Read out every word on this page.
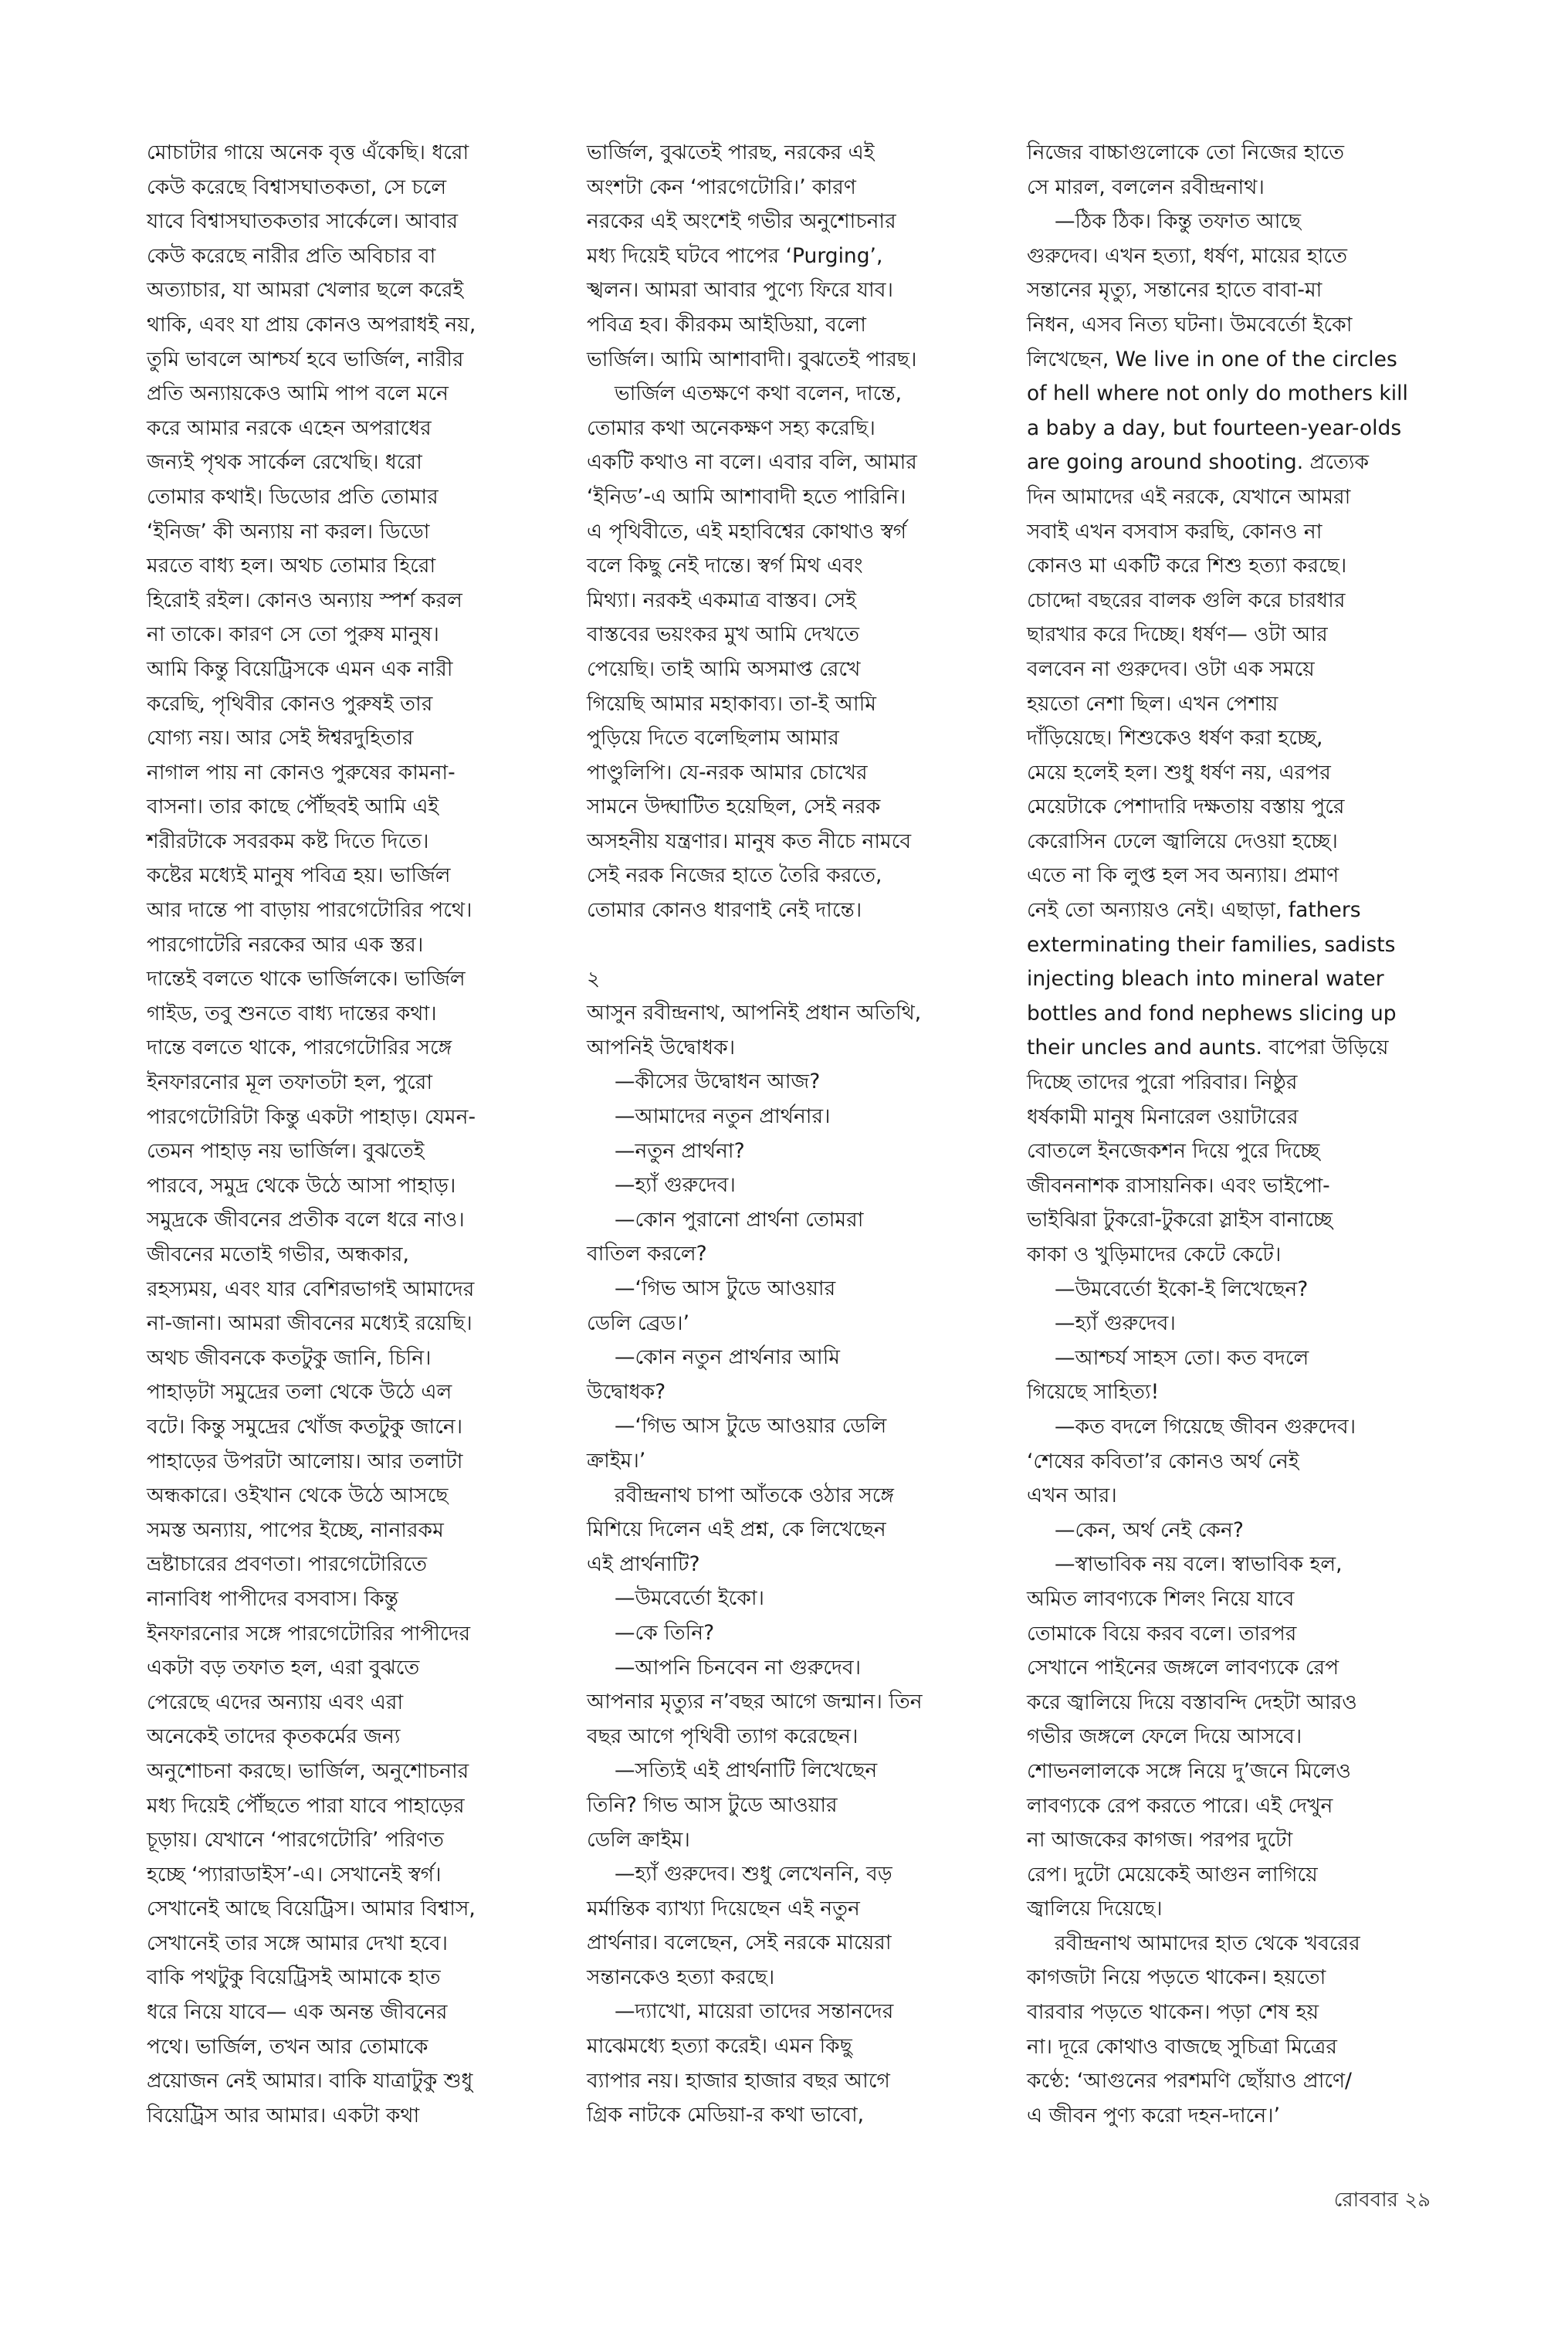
মোচাটার গায়ে অনেক বৃত্ত এঁকেছি। ধরো

কেউ করেছে বিশ্বাসঘাতকতা, সে চলে

যাবে বিশ্বাসঘাতকতার সার্কেলে। আবার

কেউ করেছে নারীর প্রতি অবিচার বা

অত্যাচার, যা আমরা খেলার ছলে করেই

থাকি, এবং যা প্রায় কোনও অপরাধই নয়,

তুমি ভাবলে আশ্চর্য হবে ভার্জিল, নারীর

প্রতি অন্যায়কেও আমি পাপ বলে মনে

করে আমার নরকে এহেন অপরাধের

জন্যই পৃথক সার্কেল রেখেছি। ধরো

তোমার কথাই। ডিডোর প্রতি তোমার

‘ইনিজ’ কী অন্যায় না করল। ডিডো

মরতে বাধ্য হল। অথচ তোমার হিরো

হিরোই রইল। কোনও অন্যায় স্পর্শ করল

না তাকে। কারণ সে তো পুরুষ মানুষ।

আমি কিন্তু বিয়েট্রিসকে এমন এক নারী

করেছি, পৃথিবীর কোনও পুরুষই তার

যোগ্য নয়। আর সেই ঈশ্বরদুহিতার

নাগাল পায় না কোনও পুরুষের কামনা-

বাসনা। তার কাছে পৌঁছবই আমি এই

শরীরটাকে সবরকম কষ্ট দিতে দিতে।

কষ্টের মধ্যেই মানুষ পবিত্র হয়। ভার্জিল

আর দান্তে পা বাড়ায় পারগেটোরির পথে।

পারগোটেরি নরকের আর এক স্তর।

দান্তেই বলতে থাকে ভার্জিলকে। ভার্জিল

গাইড, তবু শুনতে বাধ্য দান্তের কথা।

দান্তে বলতে থাকে, পারগেটোরির সঙ্গে

ইনফারনোর মূল তফাতটা হল, পুরো

পারগেটোরিটা কিন্তু একটা পাহাড়। যেমন-

তেমন পাহাড় নয় ভার্জিল। বুঝতেই

পারবে, সমুদ্র থেকে উঠে আসা পাহাড়।

সমুদ্রকে জীবনের প্রতীক বলে ধরে নাও।

জীবনের মতোই গভীর, অন্ধকার,

রহস্যময়, এবং যার বেশিরভাগই আমাদের

না-জানা। আমরা জীবনের মধ্যেই রয়েছি।

অথচ জীবনকে কতটুকু জানি, চিনি।

পাহাড়টা সমুদ্রের তলা থেকে উঠে এল

বটে। কিন্তু সমুদ্রের খোঁজ কতটুকু জানে।

পাহাড়ের উপরটা আলোয়। আর তলাটা

অন্ধকারে। ওইখান থেকে উঠে আসছে

সমস্ত অন্যায়, পাপের ইচ্ছে, নানারকম

ভ্রষ্টাচারের প্রবণতা। পারগেটোরিতে

নানাবিধ পাপীদের বসবাস। কিন্তু

ইনফারনোর সঙ্গে পারগেটোরির পাপীদের

একটা বড় তফাত হল, এরা বুঝতে

পেরেছে এদের অন্যায় এবং এরা

অনেকেই তাদের কৃতকর্মের জন্য

অনুশোচনা করছে। ভার্জিল, অনুশোচনার

মধ্য দিয়েই পৌঁছতে পারা যাবে পাহাড়ের

চূড়ায়। যেখানে ‘পারগেটোরি’ পরিণত

হচ্ছে ‘প্যারাডাইস’-এ। সেখানেই স্বর্গ।

সেখানেই আছে বিয়েট্রিস। আমার বিশ্বাস,

সেখানেই তার সঙ্গে আমার দেখা হবে।

বাকি পথটুকু বিয়েট্রিসই আমাকে হাত

ধরে নিয়ে যাবে— এক অনন্ত জীবনের

পথে। ভার্জিল, তখন আর তোমাকে

প্রয়োজন নেই আমার। বাকি যাত্রাটুকু শুধু

বিয়েট্রিস আর আমার। একটা কথা

ভার্জিল, বুঝতেই পারছ, নরকের এই

অংশটা কেন ‘পারগেটোরি।’ কারণ

নরকের এই অংশেই গভীর অনুশোচনার

মধ্য দিয়েই ঘটবে পাপের ‘Purging’,

স্খলন। আমরা আবার পুণ্যে ফিরে যাব।

পবিত্র হব। কীরকম আইডিয়া, বলো

ভার্জিল। আমি আশাবাদী। বুঝতেই পারছ।

ভার্জিল এতক্ষণে কথা বলেন, দান্তে,

তোমার কথা অনেকক্ষণ সহ্য করেছি।

একটি কথাও না বলে। এবার বলি, আমার

‘ইনিড’-এ আমি আশাবাদী হতে পারিনি।

এ পৃথিবীতে, এই মহাবিশ্বের কোথাও স্বর্গ

বলে কিছু নেই দান্তে। স্বর্গ মিথ এবং

মিথ্যা। নরকই একমাত্র বাস্তব। সেই

বাস্তবের ভয়ংকর মুখ আমি দেখতে

পেয়েছি। তাই আমি অসমাপ্ত রেখে

গিয়েছি আমার মহাকাব্য। তা-ই আমি

পুড়িয়ে দিতে বলেছিলাম আমার

পাণ্ডুলিপি। যে-নরক আমার চোখের

সামনে উদ্ঘাটিত হয়েছিল, সেই নরক

অসহনীয় যন্ত্রণার। মানুষ কত নীচে নামবে

সেই নরক নিজের হাতে তৈরি করতে,

তোমার কোনও ধারণাই নেই দান্তে।

২

আসুন রবীন্দ্রনাথ, আপনিই প্রধান অতিথি,

আপনিই উদ্বোধক।

—কীসের উদ্বোধন আজ?

—আমাদের নতুন প্রার্থনার।

—নতুন প্রার্থনা?

—হ্যাঁ গুরুদেব।

—কোন পুরানো প্রার্থনা তোমরা

বাতিল করলে?

—‘গিভ আস টুডে আওয়ার

ডেলি ব্রেড।’

—কোন নতুন প্রার্থনার আমি

উদ্বোধক?

—‘গিভ আস টুডে আওয়ার ডেলি

ক্রাইম।’

রবীন্দ্রনাথ চাপা আঁতকে ওঠার সঙ্গে

মিশিয়ে দিলেন এই প্রশ্ন, কে লিখেছেন

এই প্রার্থনাটি?

—উমবের্তো ইকো।

—কে তিনি?

—আপনি চিনবেন না গুরুদেব।

আপনার মৃত্যুর ন’বছর আগে জন্মান। তিন

বছর আগে পৃথিবী ত্যাগ করেছেন।

—সত্যিই এই প্রার্থনাটি লিখেছেন

তিনি? গিভ আস টুডে আওয়ার

ডেলি ক্রাইম।

—হ্যাঁ গুরুদেব। শুধু লেখেননি, বড়

মর্মান্তিক ব্যাখ্যা দিয়েছেন এই নতুন

প্রার্থনার। বলেছেন, সেই নরকে মায়েরা

সন্তানকেও হত্যা করছে।

—দ্যাখো, মায়েরা তাদের সন্তানদের

মাঝেমধ্যে হত্যা করেই। এমন কিছু

ব্যাপার নয়। হাজার হাজার বছর আগে

গ্রিক নাটকে মেডিয়া-র কথা ভাবো,

নিজের বাচ্চাগুলোকে তো নিজের হাতে

সে মারল, বললেন রবীন্দ্রনাথ।

—ঠিক ঠিক। কিন্তু তফাত আছে

গুরুদেব। এখন হত্যা, ধর্ষণ, মায়ের হাতে

সন্তানের মৃত্যু, সন্তানের হাতে বাবা-মা

নিধন, এসব নিত্য ঘটনা। উমবের্তো ইকো

লিখেছেন, We live in one of the circles

of hell where not only do mothers kill

a baby a day, but fourteen-year-olds

are going around shooting. প্রত্যেক

দিন আমাদের এই নরকে, যেখানে আমরা

সবাই এখন বসবাস করছি, কোনও না

কোনও মা একটি করে শিশু হত্যা করছে।

চোদ্দো বছরের বালক গুলি করে চারধার

ছারখার করে দিচ্ছে। ধর্ষণ— ওটা আর

বলবেন না গুরুদেব। ওটা এক সময়ে

হয়তো নেশা ছিল। এখন পেশায়

দাঁড়িয়েছে। শিশুকেও ধর্ষণ করা হচ্ছে,

মেয়ে হলেই হল। শুধু ধর্ষণ নয়, এরপর

মেয়েটাকে পেশাদারি দক্ষতায় বস্তায় পুরে

কেরোসিন ঢেলে জ্বালিয়ে দেওয়া হচ্ছে।

এতে না কি লুপ্ত হল সব অন্যায়। প্রমাণ

নেই তো অন্যায়ও নেই। এছাড়া, fathers

exterminating their families, sadists

injecting bleach into mineral water

bottles and fond nephews slicing up

their uncles and aunts. বাপেরা উড়িয়ে

দিচ্ছে তাদের পুরো পরিবার। নিষ্ঠুর

ধর্ষকামী মানুষ মিনারেল ওয়াটারের

বোতলে ইনজেকশন দিয়ে পুরে দিচ্ছে

জীবননাশক রাসায়নিক। এবং ভাইপো-

ভাইঝিরা টুকরো-টুকরো স্লাইস বানাচ্ছে

কাকা ও খুড়িমাদের কেটে কেটে।

—উমবের্তো ইকো-ই লিখেছেন?

—হ্যাঁ গুরুদেব।

—আশ্চর্য সাহস তো। কত বদলে

গিয়েছে সাহিত্য!

—কত বদলে গিয়েছে জীবন গুরুদেব।

‘শেষের কবিতা’র কোনও অর্থ নেই

এখন আর।

—কেন, অর্থ নেই কেন?

—স্বাভাবিক নয় বলে। স্বাভাবিক হল,

অমিত লাবণ্যকে শিলং নিয়ে যাবে

তোমাকে বিয়ে করব বলে। তারপর

সেখানে পাইনের জঙ্গলে লাবণ্যকে রেপ

করে জ্বালিয়ে দিয়ে বস্তাবন্দি দেহটা আরও

গভীর জঙ্গলে ফেলে দিয়ে আসবে।

শোভনলালকে সঙ্গে নিয়ে দু’জনে মিলেও

লাবণ্যকে রেপ করতে পারে। এই দেখুন

না আজকের কাগজ। পরপর দুটো

রেপ। দুটো মেয়েকেই আগুন লাগিয়ে

জ্বালিয়ে দিয়েছে।

রবীন্দ্রনাথ আমাদের হাত থেকে খবরের

কাগজটা নিয়ে পড়তে থাকেন। হয়তো

বারবার পড়তে থাকেন। পড়া শেষ হয়

না। দূরে কোথাও বাজছে সুচিত্রা মিত্রের

কণ্ঠে: ‘আগুনের পরশমণি ছোঁয়াও প্রাণে/

এ জীবন পুণ্য করো দহন-দানে।’

রোববার ২৯
